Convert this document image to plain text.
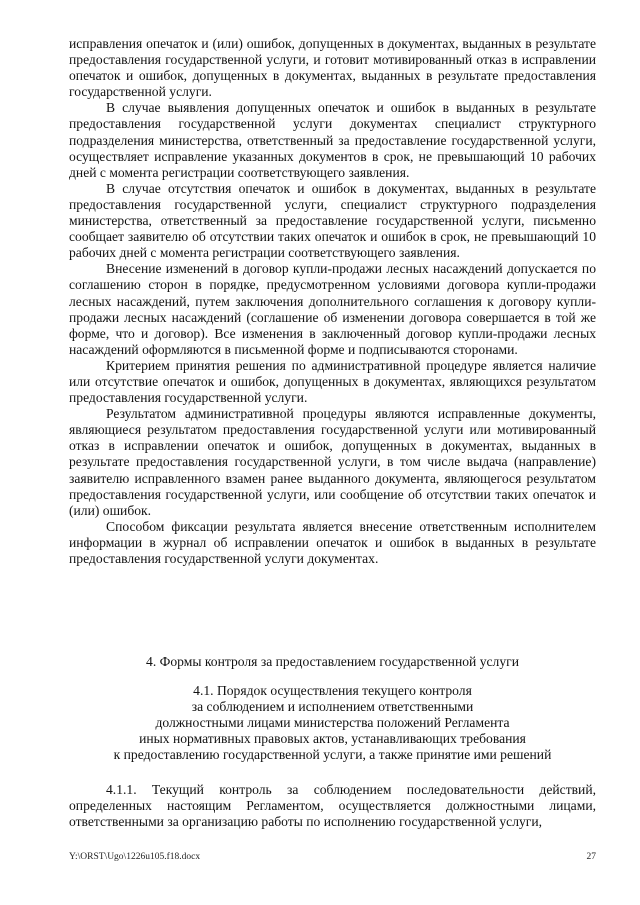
исправления опечаток и (или) ошибок, допущенных в документах, выданных в результате предоставления государственной услуги, и готовит мотивированный отказ в исправлении опечаток и ошибок, допущенных в документах, выданных в результате предоставления государственной услуги.

В случае выявления допущенных опечаток и ошибок в выданных в результате предоставления государственной услуги документах специалист структурного подразделения министерства, ответственный за предоставление государственной услуги, осуществляет исправление указанных документов в срок, не превышающий 10 рабочих дней с момента регистрации соответствующего заявления.

В случае отсутствия опечаток и ошибок в документах, выданных в результате предоставления государственной услуги, специалист структурного подразделения министерства, ответственный за предоставление государственной услуги, письменно сообщает заявителю об отсутствии таких опечаток и ошибок в срок, не превышающий 10 рабочих дней с момента регистрации соответствующего заявления.

Внесение изменений в договор купли-продажи лесных насаждений допускается по соглашению сторон в порядке, предусмотренном условиями договора купли-продажи лесных насаждений, путем заключения дополнительного соглашения к договору купли-продажи лесных насаждений (соглашение об изменении договора совершается в той же форме, что и договор). Все изменения в заключенный договор купли-продажи лесных насаждений оформляются в письменной форме и подписываются сторонами.

Критерием принятия решения по административной процедуре является наличие или отсутствие опечаток и ошибок, допущенных в документах, являющихся результатом предоставления государственной услуги.

Результатом административной процедуры являются исправленные документы, являющиеся результатом предоставления государственной услуги или мотивированный отказ в исправлении опечаток и ошибок, допущенных в документах, выданных в результате предоставления государственной услуги, в том числе выдача (направление) заявителю исправленного взамен ранее выданного документа, являющегося результатом предоставления государственной услуги, или сообщение об отсутствии таких опечаток и (или) ошибок.

Способом фиксации результата является внесение ответственным исполнителем информации в журнал об исправлении опечаток и ошибок в выданных в результате предоставления государственной услуги документах.

4. Формы контроля за предоставлением государственной услуги
4.1. Порядок осуществления текущего контроля
за соблюдением и исполнением ответственными
должностными лицами министерства положений Регламента
иных нормативных правовых актов, устанавливающих требования
к предоставлению государственной услуги, а также принятие ими решений

4.1.1. Текущий контроль за соблюдением последовательности действий, определенных настоящим Регламентом, осуществляется должностными лицами, ответственными за организацию работы по исполнению государственной услуги,

Y:\ORST\Ugo\1226u105.f18.docx	27
